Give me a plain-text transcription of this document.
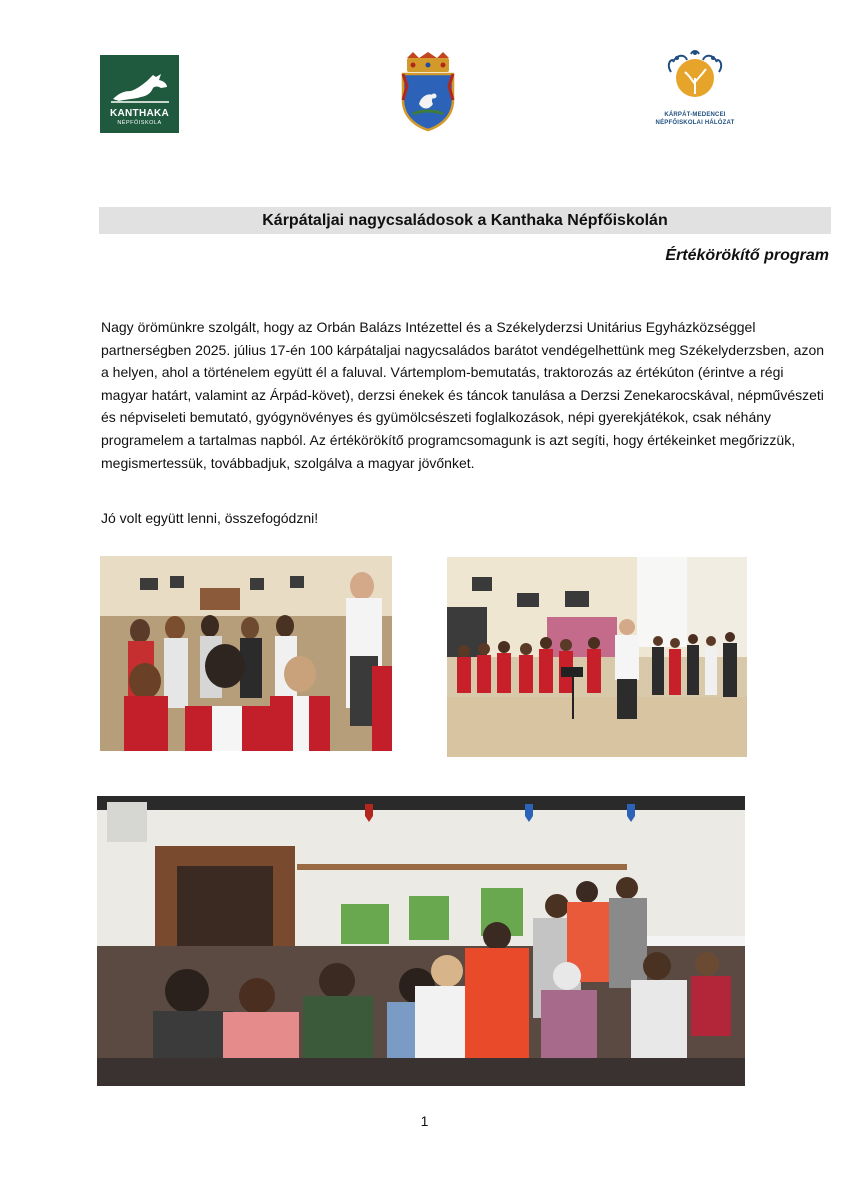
KANTHAKA
NÉPFŐISKOLA
KÁRPÁT-MEDENCEI
NÉPFŐISKOLAI HÁLÓZAT
Kárpátaljai nagycsaládosok a Kanthaka Népfőiskolán
Értékörökítő program

Nagy örömünkre szolgált, hogy az Orbán Balázs Intézettel és a Székelyderzsi Unitárius Egyházközséggel partnerségben 2025. július 17-én 100 kárpátaljai nagycsaládos barátot vendégelhettünk meg Székelyderzsben, azon a helyen, ahol a történelem együtt él a faluval. Vártemplom-bemutatás, traktorozás az értékúton (érintve a régi magyar határt, valamint az Árpád-követ), derzsi énekek és táncok tanulása a Derzsi Zenekarocskával, népművészeti és népviseleti bemutató, gyógynövényes és gyümölcsészeti foglalkozások, népi gyerekjátékok, csak néhány programelem a tartalmas napból. Az értékörökítő programcsomagunk is azt segíti, hogy értékeinket megőrizzük, megismertessük, továbbadjuk, szolgálva a magyar jövőnket.

Jó volt együtt lenni, összefogódzni!

1
